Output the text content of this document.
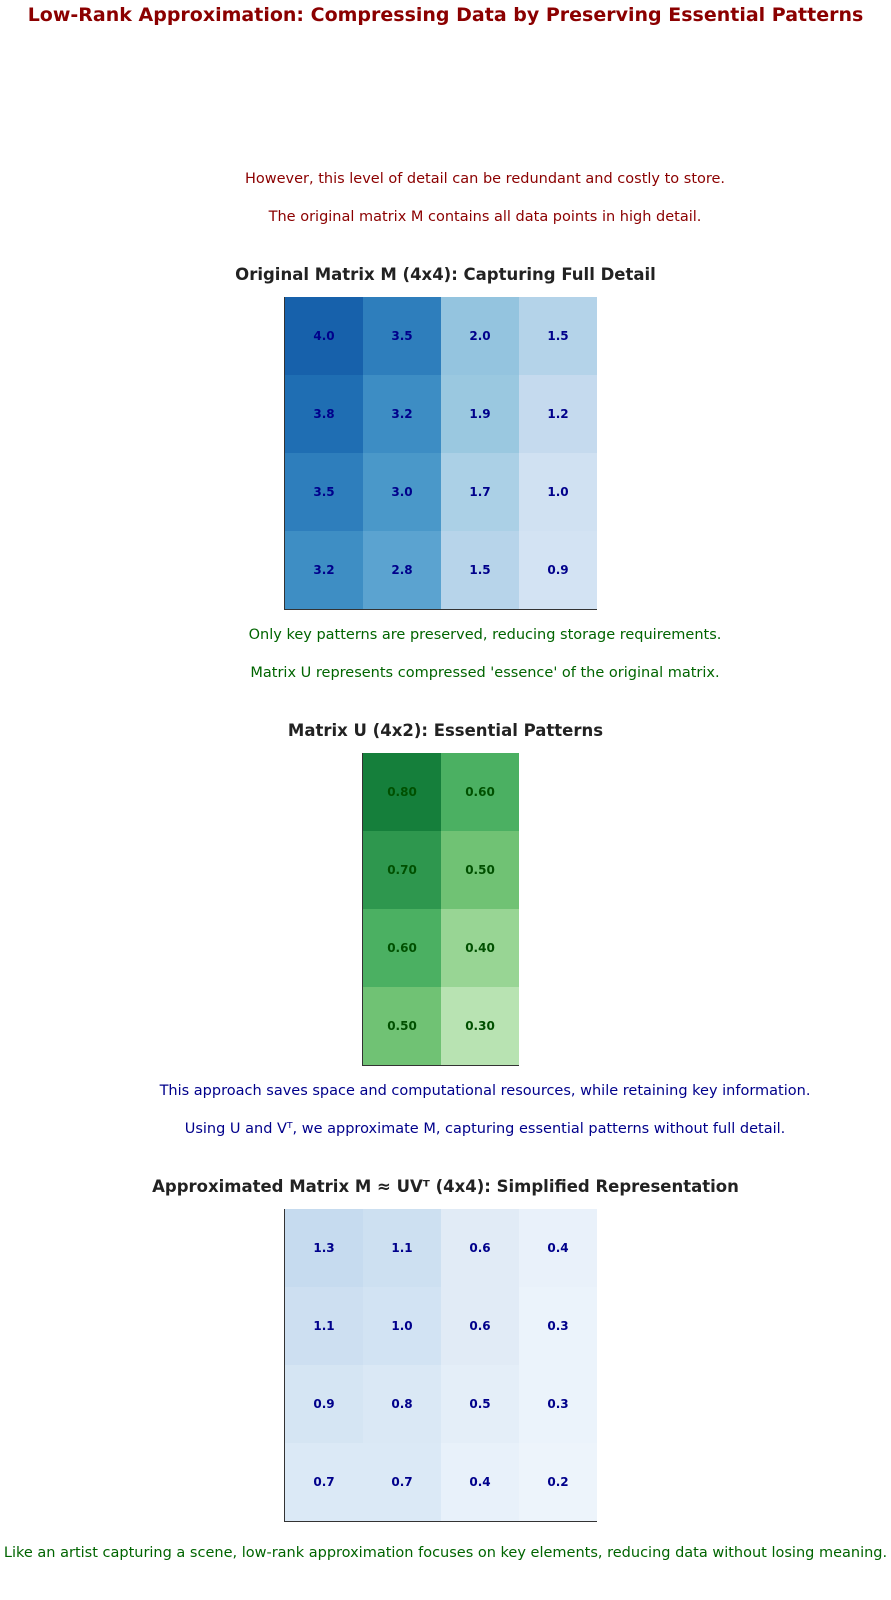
Low-Rank Approximation: Compressing Data by Preserving Essential Patterns

However, this level of detail can be redundant and costly to store.

The original matrix M contains all data points in high detail.

Original Matrix M (4x4): Capturing Full Detail
4.0	3.5	2.0	1.5
3.8	3.2	1.9	1.2
3.5	3.0	1.7	1.0
3.2	2.8	1.5	0.9

Only key patterns are preserved, reducing storage requirements.

Matrix U represents compressed 'essence' of the original matrix.

Matrix U (4x2): Essential Patterns
0.80	0.60
0.70	0.50
0.60	0.40
0.50	0.30

This approach saves space and computational resources, while retaining key information.

Using U and Vᵀ, we approximate M, capturing essential patterns without full detail.

Approximated Matrix M ≈ UVᵀ (4x4): Simplified Representation
1.3	1.1	0.6	0.4
1.1	1.0	0.6	0.3
0.9	0.8	0.5	0.3
0.7	0.7	0.4	0.2

Like an artist capturing a scene, low-rank approximation focuses on key elements, reducing data without losing meaning.
